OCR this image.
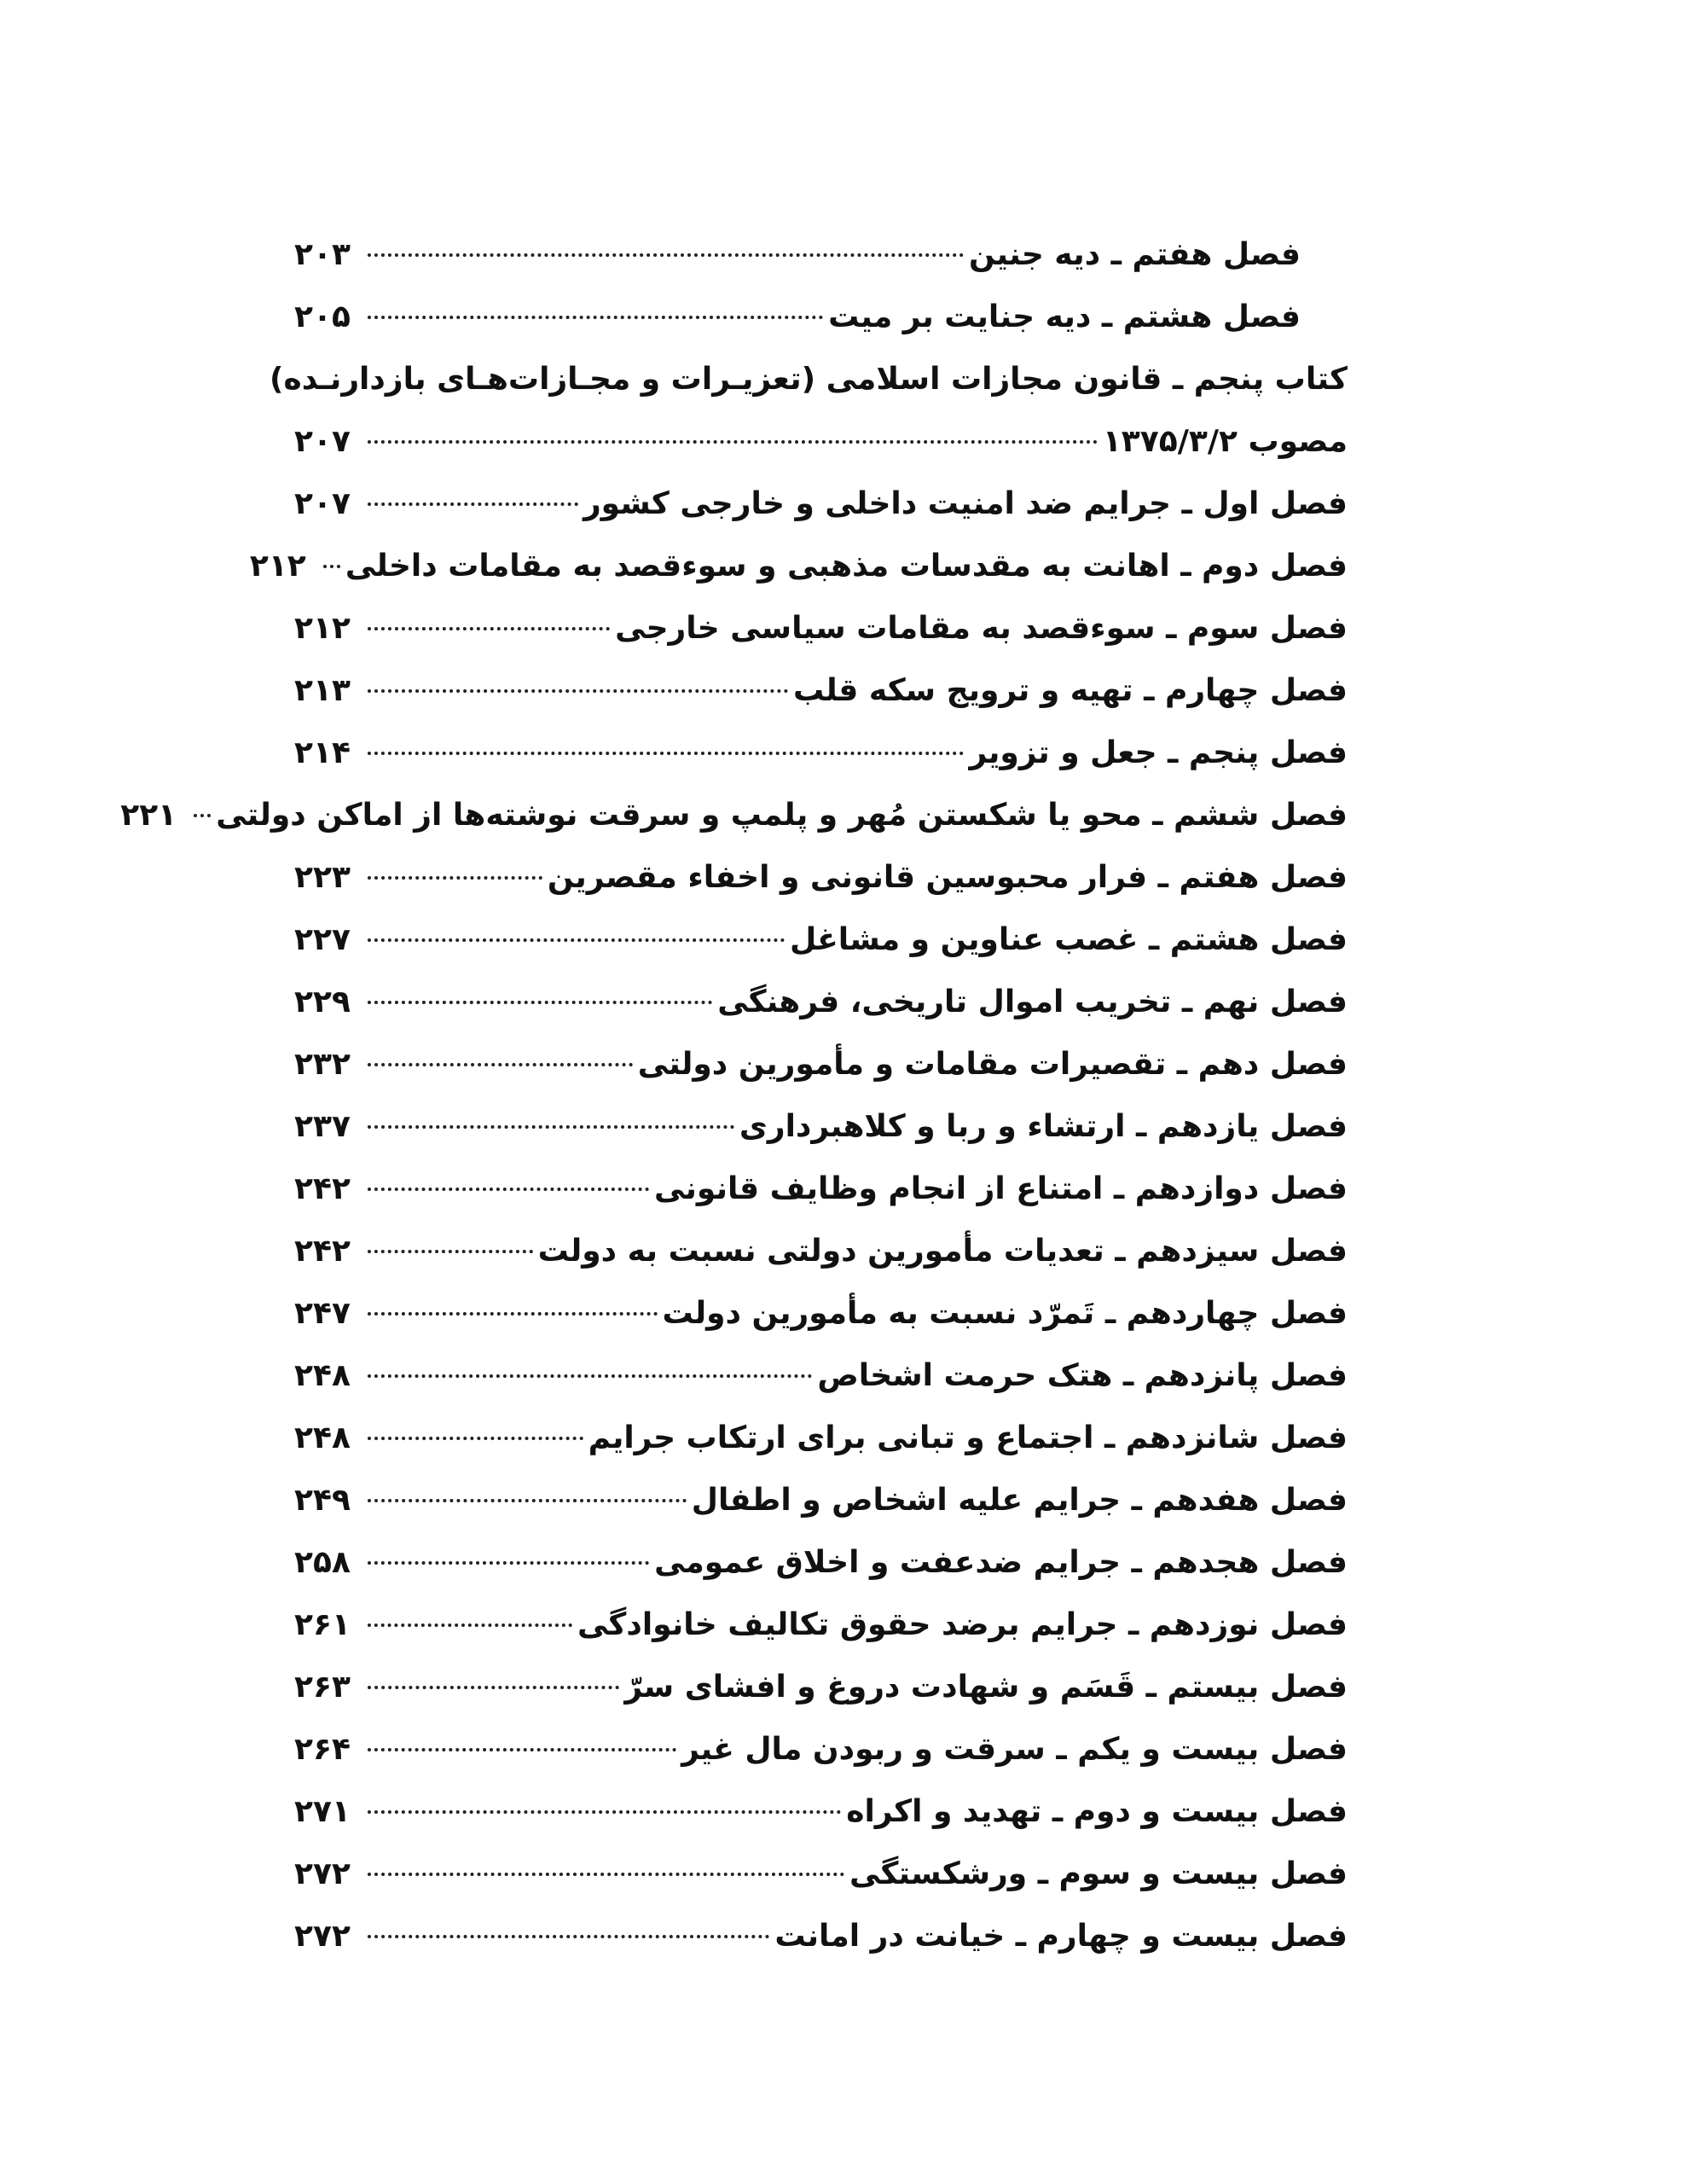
فصل هفتم ـ دیه جنین
۲۰۳
فصل هشتم ـ دیه جنایت بر میت
۲۰۵
کتاب پنجم ـ قانون مجازات اسلامی (تعزیـرات و مجـازات‌هـای بازدارنـده)
مصوب ۱۳۷۵/۳/۲
۲۰۷
فصل اول ـ جرایم ضد امنیت داخلی و خارجی کشور
۲۰۷
فصل دوم ـ اهانت به مقدسات مذهبی و سوءقصد به مقامات داخلی
۲۱۲
فصل سوم ـ سوءقصد به مقامات سیاسی خارجی
۲۱۲
فصل چهارم ـ تهیه و ترویج سکه قلب
۲۱۳
فصل پنجم ـ جعل و تزویر
۲۱۴
فصل ششم ـ محو یا شکستن مُهر و پلمپ و سرقت نوشته‌ها از اماکن دولتی
۲۲۱
فصل هفتم ـ فرار محبوسین قانونی و اخفاء مقصرین
۲۲۳
فصل هشتم ـ غصب عناوین و مشاغل
۲۲۷
فصل نهم ـ تخریب اموال تاریخی، فرهنگی
۲۲۹
فصل دهم ـ تقصیرات مقامات و مأمورین دولتی
۲۳۲
فصل یازدهم ـ ارتشاء و ربا و کلاهبرداری
۲۳۷
فصل دوازدهم ـ امتناع از انجام وظایف قانونی
۲۴۲
فصل سیزدهم ـ تعدیات مأمورین دولتی نسبت به دولت
۲۴۲
فصل چهاردهم ـ تَمرّد نسبت به مأمورین دولت
۲۴۷
فصل پانزدهم ـ هتک حرمت اشخاص
۲۴۸
فصل شانزدهم ـ اجتماع و تبانی برای ارتکاب جرایم
۲۴۸
فصل هفدهم ـ جرایم علیه اشخاص و اطفال
۲۴۹
فصل هجدهم ـ جرایم ضدعفت و اخلاق عمومی
۲۵۸
فصل نوزدهم ـ جرایم برضد حقوق تکالیف خانوادگی
۲۶۱
فصل بیستم ـ قَسَم و شهادت دروغ و افشای سرّ
۲۶۳
فصل بیست و یکم ـ سرقت و ربودن مال غیر
۲۶۴
فصل بیست و دوم ـ تهدید و اکراه
۲۷۱
فصل بیست و سوم ـ ورشکستگی
۲۷۲
فصل بیست و چهارم ـ خیانت در امانت
۲۷۲
